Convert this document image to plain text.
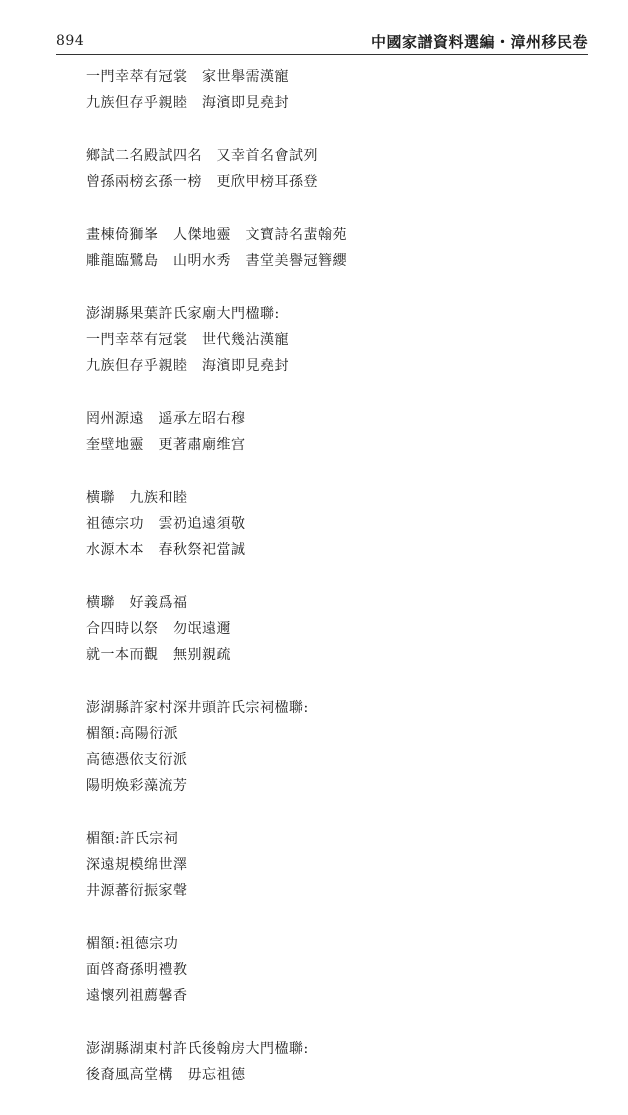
894	中國家譜資料選編・漳州移民卷
一門幸萃有冠裳　家世舉需漢寵
九族但存乎親睦　海濱即見堯封
鄉試二名殿試四名　又幸首名會試列
曾孫兩榜玄孫一榜　更欣甲榜耳孫登
畫棟倚獅峯　人傑地靈　文寶詩名蜚翰苑
雕龍臨鷺島　山明水秀　書堂美譽冠簪纓
澎湖縣果葉許氏家廟大門楹聯:
一門幸萃有冠裳　世代幾沾漢寵
九族但存乎親睦　海濱即見堯封
罔州源遠　遥承左昭右穆
奎壁地靈　更著肅廟维宫
横聯　九族和睦
祖德宗功　雲礽追遠須敬
水源木本　春秋祭祀當誠
横聯　好義爲福
合四時以祭　勿氓遠邇
就一本而觀　無别親疏
澎湖縣許家村深井頭許氏宗祠楹聯:
楣額:高陽衍派
高德憑依支衍派
陽明焕彩藻流芳
楣額:許氏宗祠
深遠規模绵世澤
井源蕃衍振家聲
楣額:祖德宗功
面啓裔孫明禮教
遠懷列祖薦馨香
澎湖縣湖東村許氏後翰房大門楹聯:
後裔風高堂構　毋忘祖德
